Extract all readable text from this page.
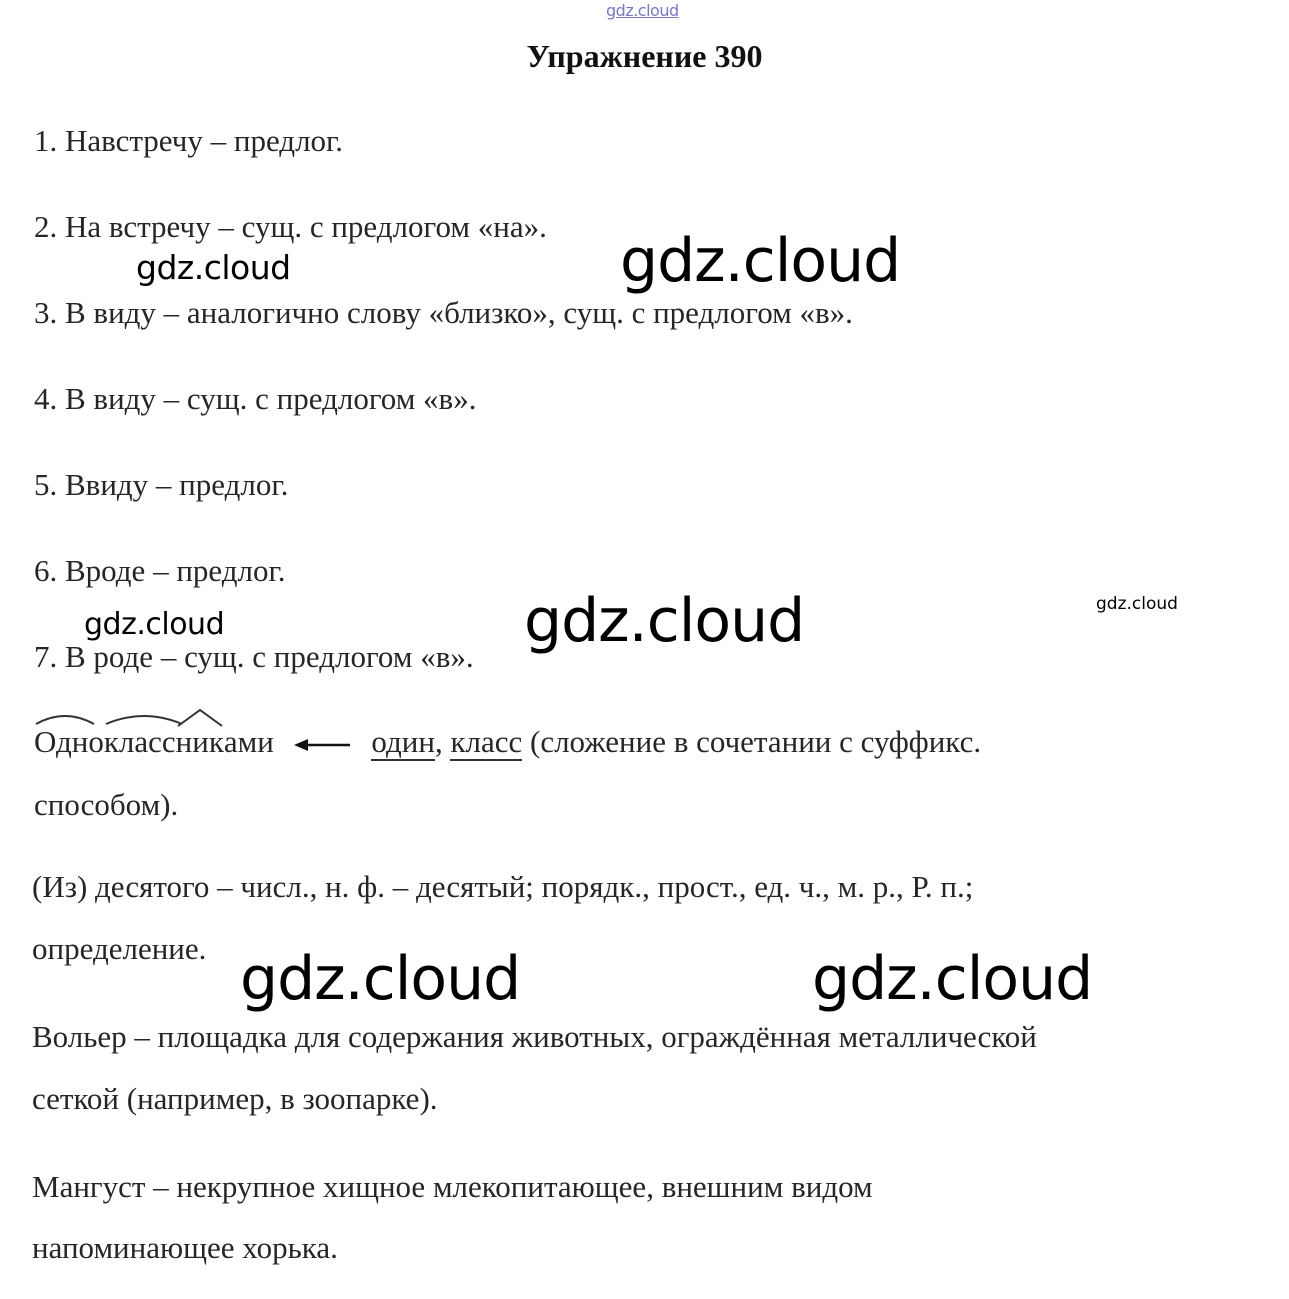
gdz.cloud
Упражнение 390
1. Навстречу – предлог.
2. На встречу – сущ. с предлогом «на».
3. В виду – аналогично слову «близко», сущ. с предлогом «в».
4. В виду – сущ. с предлогом «в».
5. Ввиду – предлог.
6. Вроде – предлог.
7. В роде – сущ. с предлогом «в».
Одно
класс
никами	один, класс (сложение в сочетании с суффикс.
способом).
(Из) десятого – числ., н. ф. – десятый; порядк., прост., ед. ч., м. р., Р. п.;
определение.
Вольер – площадка для содержания животных, ограждённая металлической
сеткой (например, в зоопарке).
Мангуст – некрупное хищное млекопитающее, внешним видом
напоминающее хорька.
gdz.cloud	gdz.cloud
gdz.cloud
gdz.cloud	gdz.cloud
gdz.cloud	gdz.cloud
